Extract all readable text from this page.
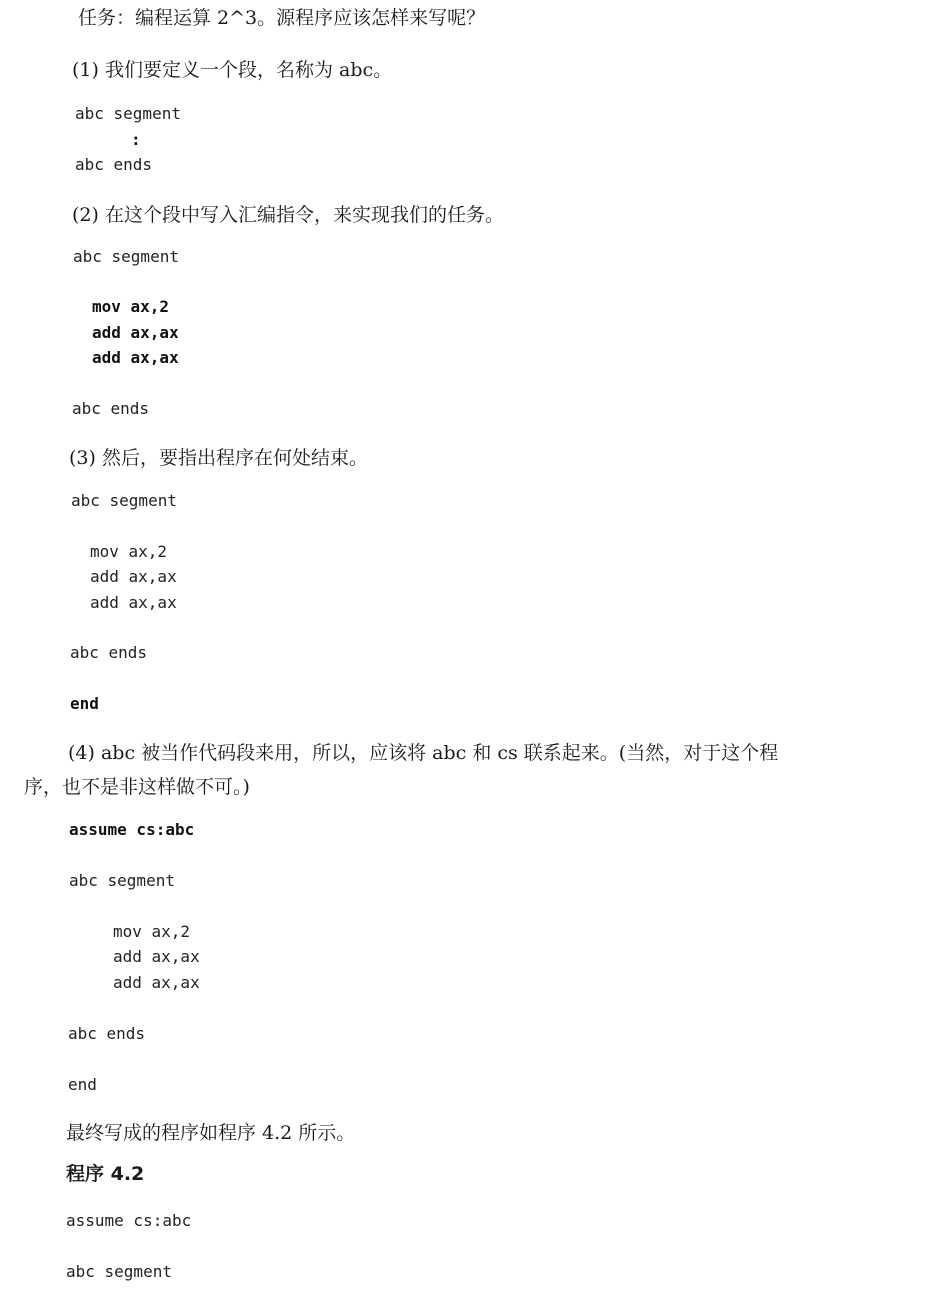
任务：编程运算 2^3。源程序应该怎样来写呢？
(1) 我们要定义一个段，名称为 abc。
abc segment
:
abc ends
(2) 在这个段中写入汇编指令，来实现我们的任务。
abc segment
mov ax,2
add ax,ax
add ax,ax
abc ends
(3) 然后，要指出程序在何处结束。
abc segment
mov ax,2
add ax,ax
add ax,ax
abc ends
end
(4) abc 被当作代码段来用，所以，应该将 abc 和 cs 联系起来。(当然，对于这个程
序，也不是非这样做不可。)
assume cs:abc
abc segment
mov ax,2
add ax,ax
add ax,ax
abc ends
end
最终写成的程序如程序 4.2 所示。
程序 4.2
assume cs:abc
abc segment
